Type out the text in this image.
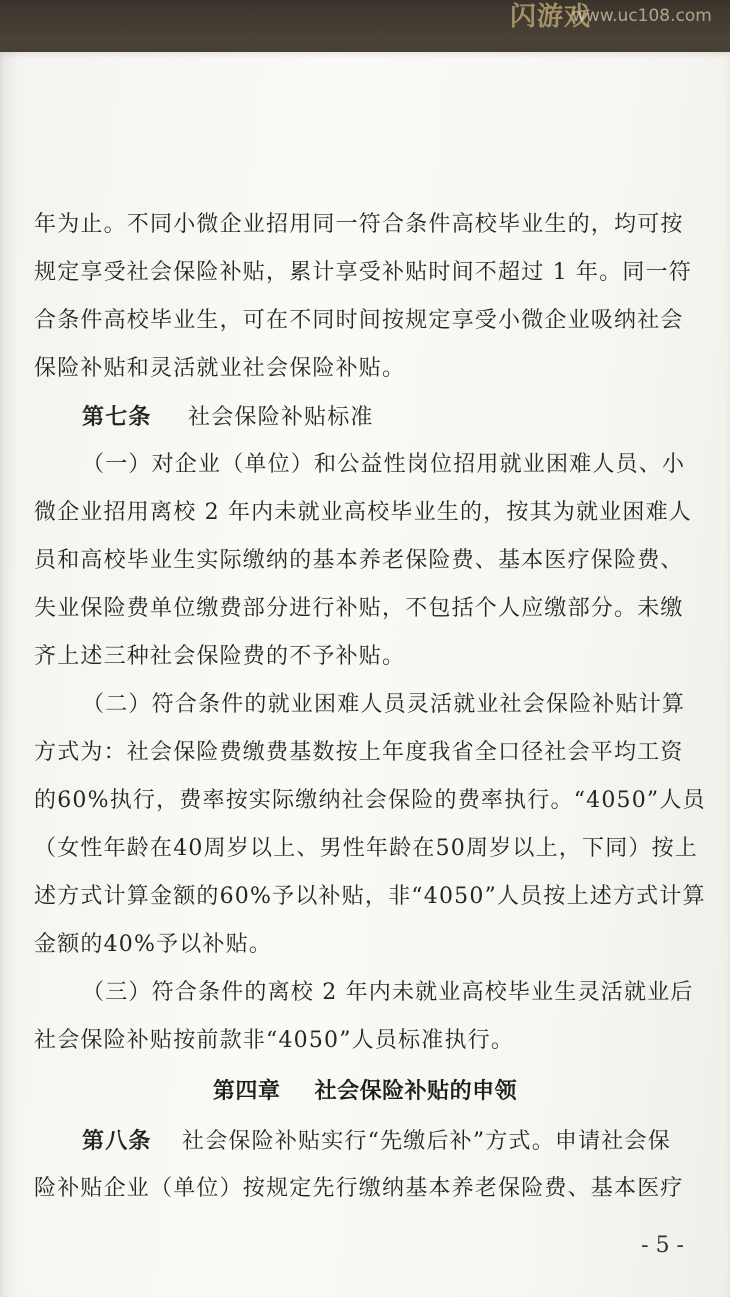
闪游戏
www.uc108.com
年为止。不同小微企业招用同一符合条件高校毕业生的，均可按
规定享受社会保险补贴，累计享受补贴时间不超过 1 年。同一符
合条件高校毕业生，可在不同时间按规定享受小微企业吸纳社会
保险补贴和灵活就业社会保险补贴。
第七条 社会保险补贴标准
（一）对企业（单位）和公益性岗位招用就业困难人员、小
微企业招用离校 2 年内未就业高校毕业生的，按其为就业困难人
员和高校毕业生实际缴纳的基本养老保险费、基本医疗保险费、
失业保险费单位缴费部分进行补贴，不包括个人应缴部分。未缴
齐上述三种社会保险费的不予补贴。
（二）符合条件的就业困难人员灵活就业社会保险补贴计算
方式为：社会保险费缴费基数按上年度我省全口径社会平均工资
的60%执行，费率按实际缴纳社会保险的费率执行。“4050”人员
（女性年龄在40周岁以上、男性年龄在50周岁以上，下同）按上
述方式计算金额的60%予以补贴，非“4050”人员按上述方式计算
金额的40%予以补贴。
（三）符合条件的离校 2 年内未就业高校毕业生灵活就业后
社会保险补贴按前款非“4050”人员标准执行。
第四章 社会保险补贴的申领
第八条 社会保险补贴实行“先缴后补”方式。申请社会保
险补贴企业（单位）按规定先行缴纳基本养老保险费、基本医疗
- 5 -
